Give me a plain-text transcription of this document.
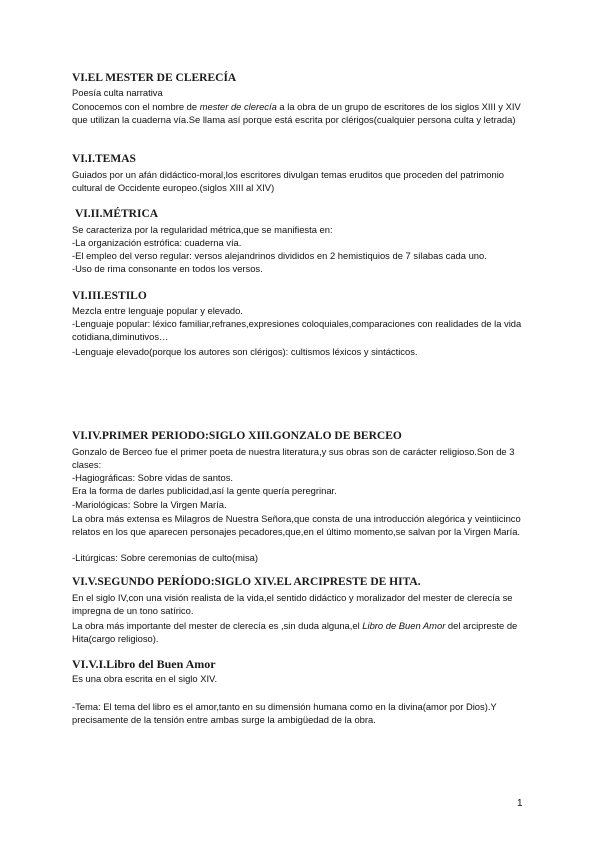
VI.EL MESTER DE CLERECÍA
Poesía culta narrativa

Conocemos con el nombre de mester de clerecía a la obra de un grupo de escritores de los siglos XIII y XIV que utilizan la cuaderna vía.Se llama así porque está escrita por clérigos(cualquier persona culta y letrada)

VI.I.TEMAS

Guiados por un afán didáctico-moral,los escritores divulgan temas eruditos que proceden del patrimonio cultural de Occidente europeo.(siglos XIII al XIV)

VI.II.MÉTRICA
Se caracteriza por la regularidad métrica,que se manifiesta en:
-La organización estrófica: cuaderna vía.
-El empleo del verso regular: versos alejandrinos divididos en 2 hemistiquios de 7 sílabas cada uno.
-Uso de rima consonante en todos los versos.
VI.III.ESTILO
Mezcla entre lenguaje popular y elevado.

-Lenguaje popular: léxico familiar,refranes,expresiones coloquiales,comparaciones con realidades de la vida cotidiana,diminutivos…

-Lenguaje elevado(porque los autores son clérigos): cultismos léxicos y sintácticos.
VI.IV.PRIMER PERIODO:SIGLO XIII.GONZALO DE BERCEO

Gonzalo de Berceo fue el primer poeta de nuestra literatura,y sus obras son de carácter religioso.Son de 3 clases:

-Hagiográficas: Sobre vidas de santos.
Era la forma de darles publicidad,así la gente quería peregrinar.
-Mariológicas: Sobre la Virgen María.

La obra más extensa es Milagros de Nuestra Señora,que consta de una introducción alegórica y veintiicinco relatos en los que aparecen personajes pecadores,que,en el último momento,se salvan por la Virgen María.

-Litúrgicas: Sobre ceremonias de culto(misa)
VI.V.SEGUNDO PERÍODO:SIGLO XIV.EL ARCIPRESTE DE HITA.

En el siglo IV,con una visión realista de la vida,el sentido didáctico y moralizador del mester de clerecía se impregna de un tono satírico.

La obra más importante del mester de clerecía es ,sin duda alguna,el Libro de Buen Amor del arcipreste de Hita(cargo religioso).

VI.V.I.Libro del Buen Amor
Es una obra escrita en el siglo XIV.

-Tema: El tema del libro es el amor,tanto en su dimensión humana como en la divina(amor por Dios).Y precisamente de la tensión entre ambas surge la ambigüedad de la obra.

1
